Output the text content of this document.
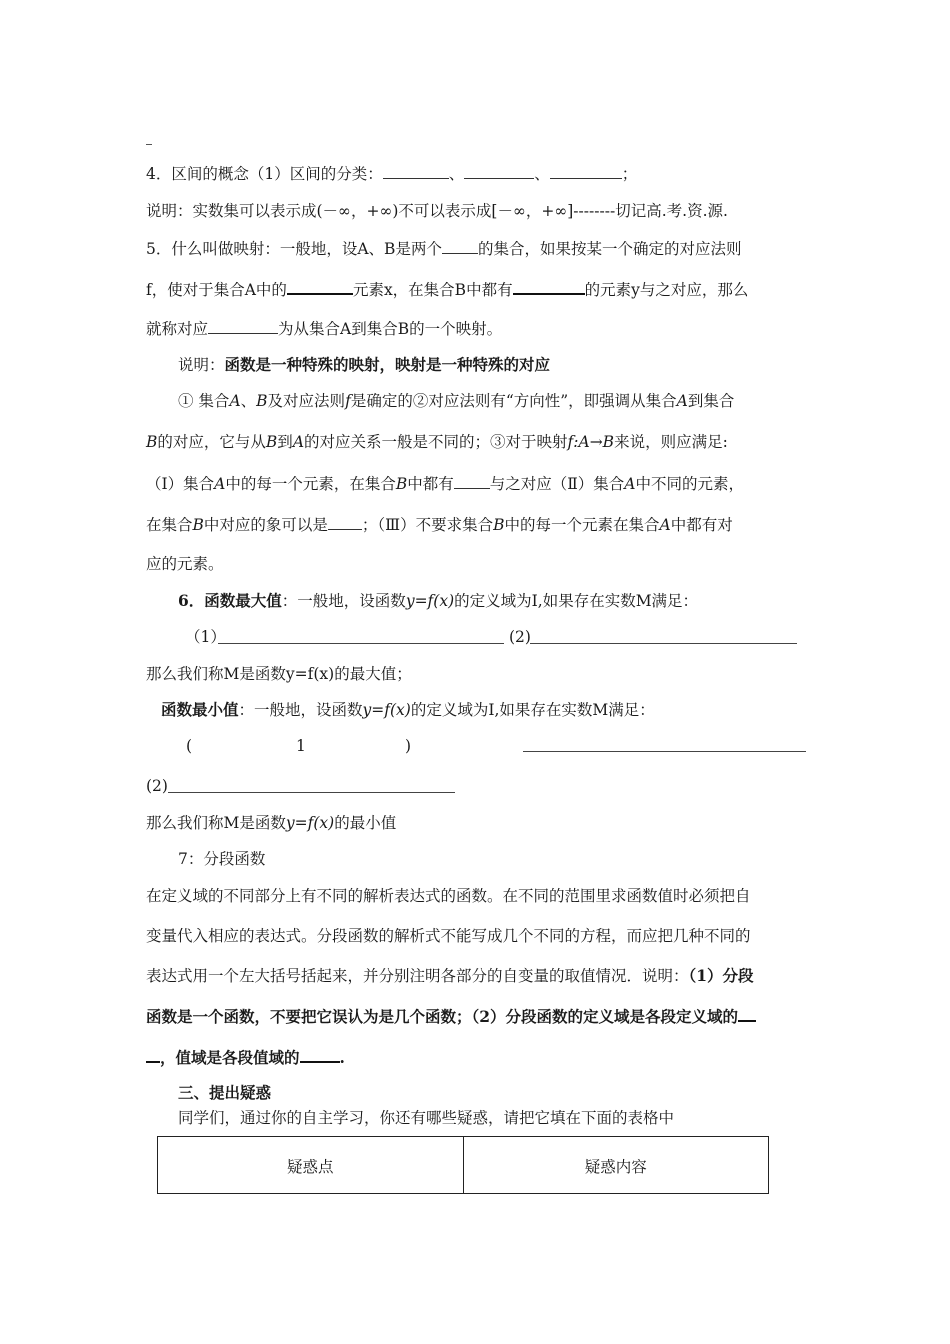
4．区间的概念（1）区间的分类：	、	、	；
说明：实数集可以表示成(－∞，+∞)不可以表示成[－∞，+∞]--------切记高.考.资.源.
5．什么叫做映射：一般地，设A、B是两个 的集合，如果按某一个确定的对应法则
f，使对于集合A中的	元素x，在集合B中都有	的元素y与之对应，那么
就称对应	为从集合A到集合B的一个映射。
说明：函数是一种特殊的映射，映射是一种特殊的对应
① 集合A、B及对应法则f是确定的②对应法则有“方向性”，即强调从集合A到集合
B的对应，它与从B到A的对应关系一般是不同的；③对于映射f:A→B来说，则应满足:
（Ⅰ）集合A中的每一个元素，在集合B中都有 与之对应（Ⅱ）集合A中不同的元素，
在集合B中对应的象可以是 ；（Ⅲ）不要求集合B中的每一个元素在集合A中都有对
应的元素。
6．函数最大值：一般地，设函数y=f(x)的定义域为I,如果存在实数M满足：
（1）	(2)
那么我们称M是函数y=f(x)的最大值；
函数最小值：一般地，设函数y=f(x)的定义域为I,如果存在实数M满足：
(	1	)
(2)
那么我们称M是函数y=f(x)的最小值
7：分段函数
在定义域的不同部分上有不同的解析表达式的函数。在不同的范围里求函数值时必须把自
变量代入相应的表达式。分段函数的解析式不能写成几个不同的方程，而应把几种不同的
表达式用一个左大括号括起来，并分别注明各部分的自变量的取值情况．说明：（1）分段
函数是一个函数，不要把它误认为是几个函数；（2）分段函数的定义域是各段定义域的
，值域是各段值域的	.
三、提出疑惑
同学们，通过你的自主学习，你还有哪些疑惑，请把它填在下面的表格中
疑惑点	疑惑内容
